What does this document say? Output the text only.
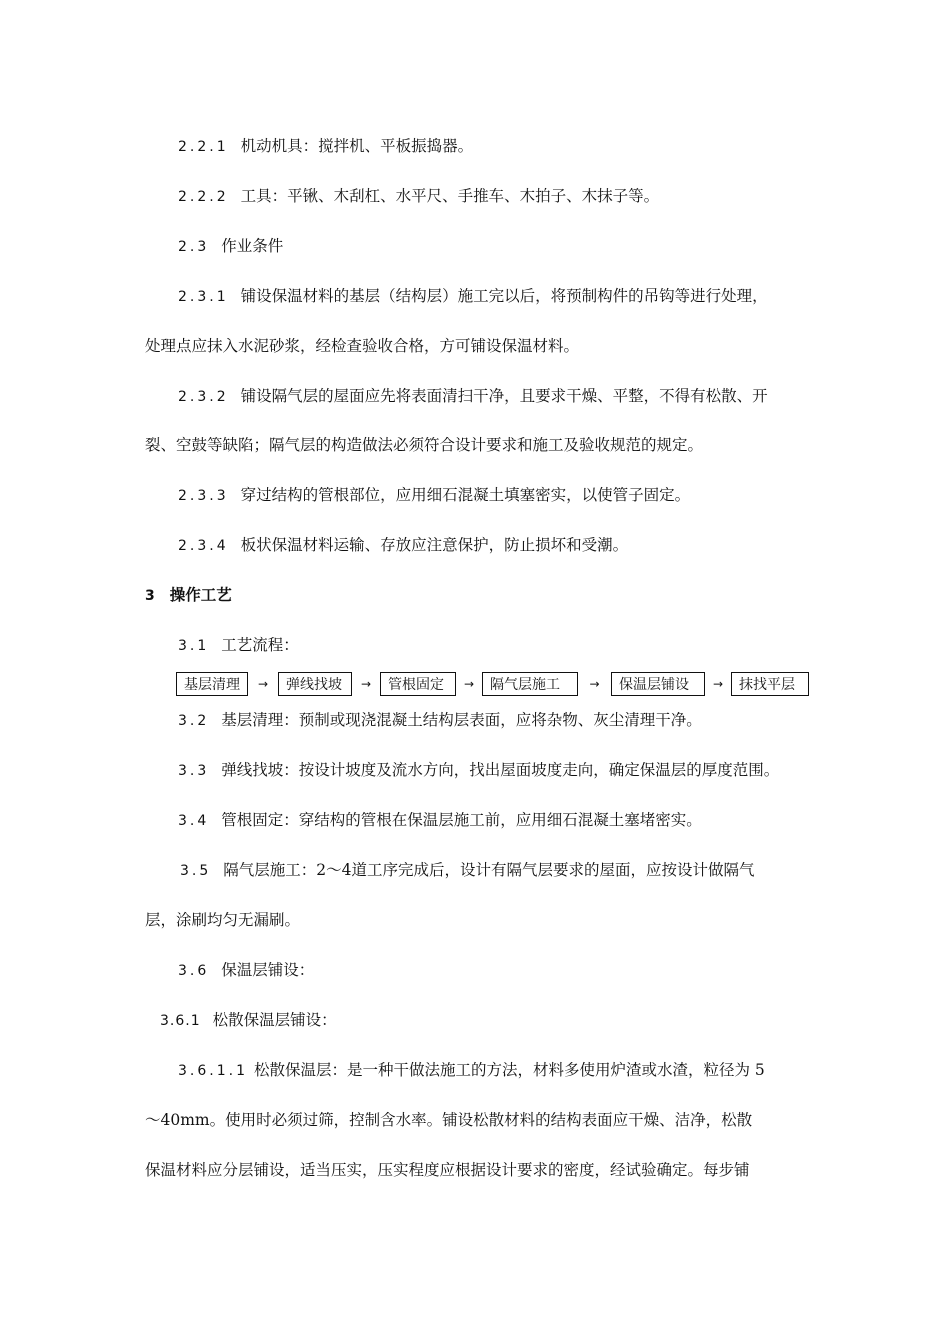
2.2.1 机动机具：搅拌机、平板振捣器。
2.2.2 工具：平锹、木刮杠、水平尺、手推车、木拍子、木抹子等。
2.3 作业条件
2.3.1 铺设保温材料的基层（结构层）施工完以后，将预制构件的吊钩等进行处理，
处理点应抹入水泥砂浆，经检查验收合格，方可铺设保温材料。
2.3.2 铺设隔气层的屋面应先将表面清扫干净，且要求干燥、平整，不得有松散、开
裂、空鼓等缺陷；隔气层的构造做法必须符合设计要求和施工及验收规范的规定。
2.3.3 穿过结构的管根部位，应用细石混凝土填塞密实，以使管子固定。
2.3.4 板状保温材料运输、存放应注意保护，防止损坏和受潮。
3 操作工艺
3.1 工艺流程：
基层清理	→	弹线找坡	→	管根固定	→	隔气层施工	→	保温层铺设	→	抹找平层
3.2 基层清理：预制或现浇混凝土结构层表面，应将杂物、灰尘清理干净。
3.3 弹线找坡：按设计坡度及流水方向，找出屋面坡度走向，确定保温层的厚度范围。
3.4 管根固定：穿结构的管根在保温层施工前，应用细石混凝土塞堵密实。
3.5 隔气层施工：2～4道工序完成后，设计有隔气层要求的屋面，应按设计做隔气
层，涂刷均匀无漏刷。
3.6 保温层铺设：
3.6.1 松散保温层铺设：
3.6.1.1 松散保温层：是一种干做法施工的方法，材料多使用炉渣或水渣，粒径为 5
～40mm。使用时必须过筛，控制含水率。铺设松散材料的结构表面应干燥、洁净，松散
保温材料应分层铺设，适当压实，压实程度应根据设计要求的密度，经试验确定。每步铺
